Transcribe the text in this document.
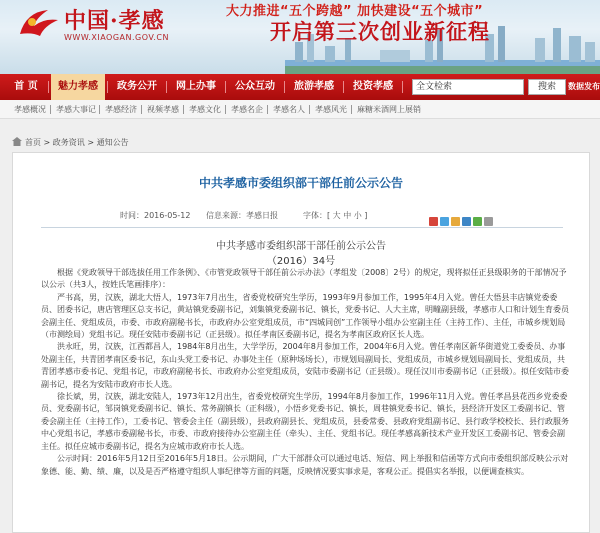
中国·孝感
WWW.XIAOGAN.GOV.CN
大力推进“五个跨越” 加快建设“五个城市”
开启第三次创业新征程
首 页	魅力孝感	政务公开	网上办事	公众互动	旅游孝感	投资孝感	全文检索	搜索	数据发布
孝感概况 孝感大事记 孝感经济 视频孝感 孝感文化 孝感名企 孝感名人 孝感风光 麻糖米酒网上展销
首页 > 政务资讯 > 通知公告
中共孝感市委组织部干部任前公示公告
时间：2016-05-12 信息来源：孝感日报	字体：[ 大 中 小 ]
中共孝感市委组织部干部任前公示公告
（2016）34号

根据《党政领导干部选拔任用工作条例》、《市管党政领导干部任前公示办法》（孝组发〔2008〕2号）的规定，现将拟任正县级职务的干部情况予以公示（共3人，按姓氏笔画排序）：

严书高，男，汉族，湖北大悟人，1973年7月出生，省委党校研究生学历，1993年9月参加工作，1995年4月入党。曾任大悟县丰店镇党委委员、团委书记，唐店管理区总支书记，黄站镇党委副书记，刘集镇党委副书记、镇长，党委书记、人大主席，明疃副县级，孝感市人口和计划生育委员会副主任、党组成员，市委、市政府副秘书长，市政府办公室党组成员，市“四城同创”工作领导小组办公室副主任（主持工作）、主任，市城乡规划局（市测绘局）党组书记。现任安陆市委副书记（正县级）。拟任孝南区委副书记，提名为孝南区政府区长人选。

洪永旺，男，汉族，江西都昌人，1984年8月出生，大学学历，2004年8月参加工作，2004年6月入党。曾任孝南区新华街道党工委委员、办事处副主任，共青团孝南区委书记，东山头党工委书记、办事处主任（原种场场长），市规划局副局长、党组成员，市城乡规划局副局长、党组成员，共青团孝感市委书记、党组书记，市政府副秘书长、市政府办公室党组成员，安陆市委副书记（正县级）。现任汉川市委副书记（正县级）。拟任安陆市委副书记，提名为安陆市政府市长人选。

徐长斌，男，汉族，湖北安陆人，1973年12月出生，省委党校研究生学历，1994年8月参加工作，1996年11月入党。曾任孝昌县花西乡党委委员、党委副书记，邹岗镇党委副书记、镇长、常务副镇长（正科级），小悟乡党委书记、镇长，周巷镇党委书记、镇长，县经济开发区工委副书记、管委会副主任（主持工作），工委书记、管委会主任（副县级），县政府副县长、党组成员，县委常委、县政府党组副书记、县行政学校校长、县行政服务中心党组书记，孝感市委副秘书长，市委、市政府接待办公室副主任（牵头）、主任、党组书记。现任孝感高新技术产业开发区工委副书记、管委会副主任。拟任应城市委副书记，提名为应城市政府市长人选。

公示时间：2016年5月12日至2016年5月18日。公示期间，广大干部群众可以通过电话、短信、网上举报和信函等方式向市委组织部反映公示对象德、能、勤、绩、廉，以及是否严格遵守组织人事纪律等方面的问题，反映情况要实事求是，客观公正。提倡实名举报，以便调查核实。
